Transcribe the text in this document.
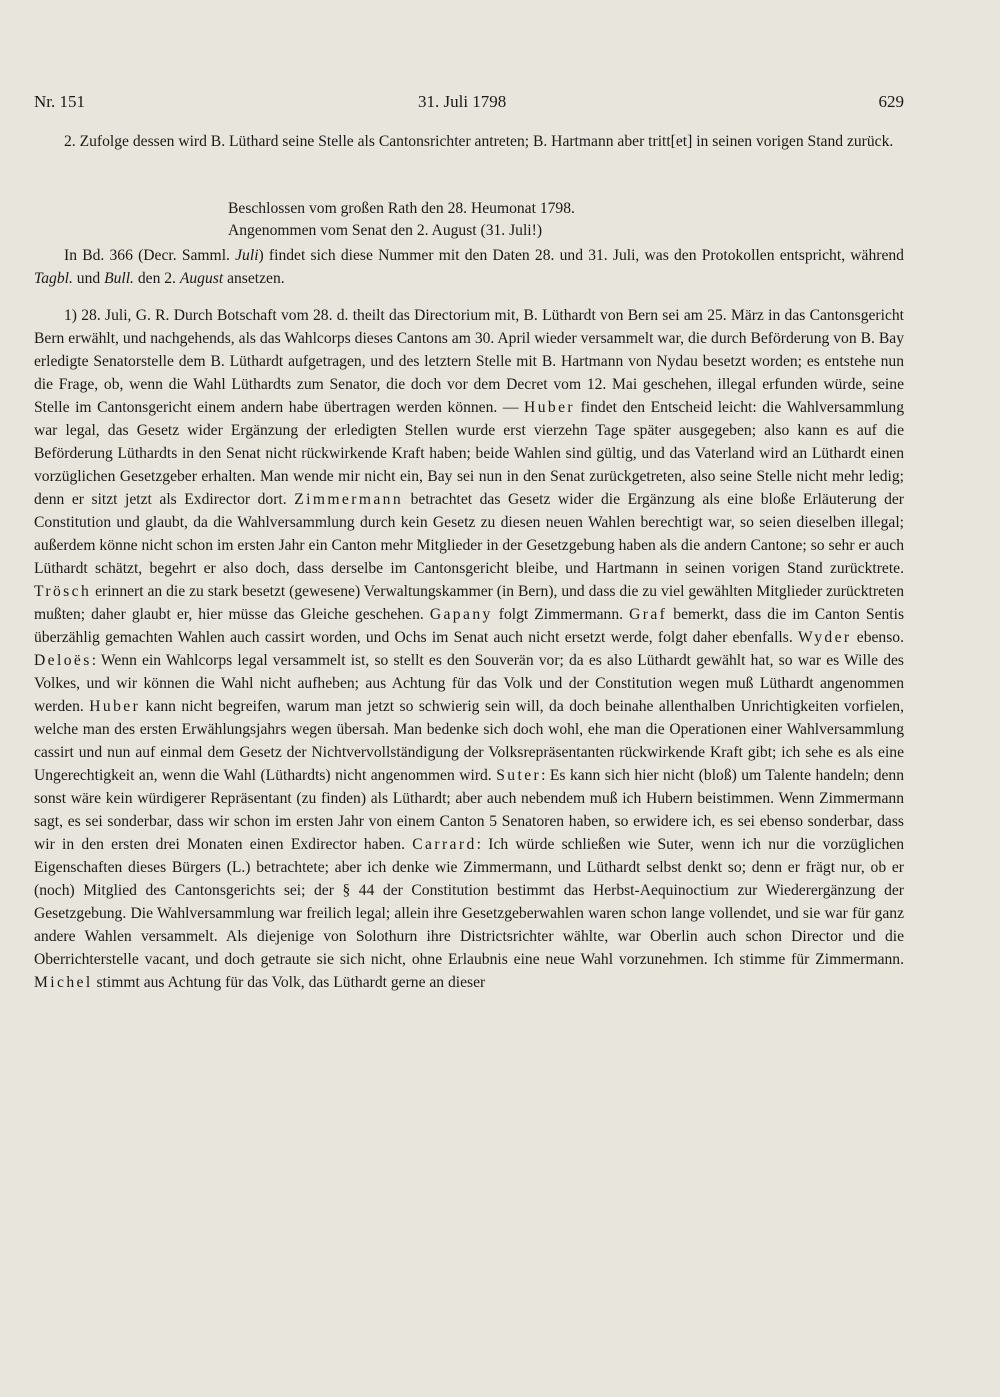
Nr. 151	31. Juli 1798	629
2. Zufolge dessen wird B. Lüthard seine Stelle als Cantonsrichter antreten; B. Hartmann aber tritt[et] in seinen vorigen Stand zurück.
Beschlossen vom großen Rath den 28. Heumonat 1798.
Angenommen vom Senat den 2. August (31. Juli!)
In Bd. 366 (Decr. Samml. Juli) findet sich diese Nummer mit den Daten 28. und 31. Juli, was den Protokollen entspricht, während Tagbl. und Bull. den 2. August ansetzen.
1) 28. Juli, G. R. Durch Botschaft vom 28. d. theilt das Directorium mit, B. Lüthardt von Bern sei am 25. März in das Cantonsgericht Bern erwählt, und nachgehends, als das Wahlcorps dieses Cantons am 30. April wieder versammelt war, die durch Beförderung von B. Bay erledigte Senatorstelle dem B. Lüthardt aufgetragen, und des letztern Stelle mit B. Hartmann von Nydau besetzt worden; es entstehe nun die Frage, ob, wenn die Wahl Lüthardts zum Senator, die doch vor dem Decret vom 12. Mai geschehen, illegal erfunden würde, seine Stelle im Cantonsgericht einem andern habe übertragen werden können. — Huber findet den Entscheid leicht: die Wahlversammlung war legal, das Gesetz wider Ergänzung der erledigten Stellen wurde erst vierzehn Tage später ausgegeben; also kann es auf die Beförderung Lüthardts in den Senat nicht rückwirkende Kraft haben; beide Wahlen sind gültig, und das Vaterland wird an Lüthardt einen vorzüglichen Gesetzgeber erhalten. Man wende mir nicht ein, Bay sei nun in den Senat zurückgetreten, also seine Stelle nicht mehr ledig; denn er sitzt jetzt als Exdirector dort. Zimmermann betrachtet das Gesetz wider die Ergänzung als eine bloße Erläuterung der Constitution und glaubt, da die Wahlversammlung durch kein Gesetz zu diesen neuen Wahlen berechtigt war, so seien dieselben illegal; außerdem könne nicht schon im ersten Jahr ein Canton mehr Mitglieder in der Gesetzgebung haben als die andern Cantone; so sehr er auch Lüthardt schätzt, begehrt er also doch, dass derselbe im Cantonsgericht bleibe, und Hartmann in seinen vorigen Stand zurücktrete. Trösch erinnert an die zu stark besetzt (gewesene) Verwaltungskammer (in Bern), und dass die zu viel gewählten Mitglieder zurücktreten mußten; daher glaubt er, hier müsse das Gleiche geschehen. Gapany folgt Zimmermann. Graf bemerkt, dass die im Canton Sentis überzählig gemachten Wahlen auch cassirt worden, und Ochs im Senat auch nicht ersetzt werde, folgt daher ebenfalls. Wyder ebenso. Deloës: Wenn ein Wahlcorps legal versammelt ist, so stellt es den Souverän vor; da es also Lüthardt gewählt hat, so war es Wille des Volkes, und wir können die Wahl nicht aufheben; aus Achtung für das Volk und der Constitution wegen muß Lüthardt angenommen werden. Huber kann nicht begreifen, warum man jetzt so schwierig sein will, da doch beinahe allenthalben Unrichtigkeiten vorfielen, welche man des ersten Erwählungsjahrs wegen übersah. Man bedenke sich doch wohl, ehe man die Operationen einer Wahlversammlung cassirt und nun auf einmal dem Gesetz der Nichtvervollständigung der Volksrepräsentanten rückwirkende Kraft gibt; ich sehe es als eine Ungerechtigkeit an, wenn die Wahl (Lüthardts) nicht angenommen wird. Suter: Es kann sich hier nicht (bloß) um Talente handeln; denn sonst wäre kein würdigerer Repräsentant (zu finden) als Lüthardt; aber auch nebendem muß ich Hubern beistimmen. Wenn Zimmermann sagt, es sei sonderbar, dass wir schon im ersten Jahr von einem Canton 5 Senatoren haben, so erwidere ich, es sei ebenso sonderbar, dass wir in den ersten drei Monaten einen Exdirector haben. Carrard: Ich würde schließen wie Suter, wenn ich nur die vorzüglichen Eigenschaften dieses Bürgers (L.) betrachtete; aber ich denke wie Zimmermann, und Lüthardt selbst denkt so; denn er frägt nur, ob er (noch) Mitglied des Cantonsgerichts sei; der § 44 der Constitution bestimmt das Herbst-Aequinoctium zur Wiederergänzung der Gesetzgebung. Die Wahlversammlung war freilich legal; allein ihre Gesetzgeberwahlen waren schon lange vollendet, und sie war für ganz andere Wahlen versammelt. Als diejenige von Solothurn ihre Districtsrichter wählte, war Oberlin auch schon Director und die Oberrichterstelle vacant, und doch getraute sie sich nicht, ohne Erlaubnis eine neue Wahl vorzunehmen. Ich stimme für Zimmermann. Michel stimmt aus Achtung für das Volk, das Lüthardt gerne an dieser
